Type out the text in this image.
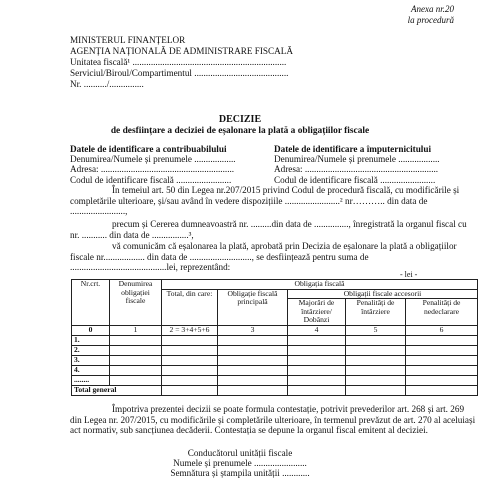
Anexa nr.20
la procedură
MINISTERUL FINANȚELOR
AGENȚIA NAȚIONALĂ DE ADMINISTRARE FISCALĂ
Unitatea fiscală¹ ...................................................................
Serviciul/Biroul/Compartimentul .........................................
Nr. ........../...............
DECIZIE
de desființare a deciziei de eșalonare la plată a obligațiilor fiscale
Datele de identificare a contribuabilului
Denumirea/Numele și prenumele ..................
Adresa: ..........................................................
Codul de identificare fiscală ........................
Datele de identificare a împuternicitului
Denumirea/Numele și prenumele ..................
Adresa: ..........................................................
Codul de identificare fiscală ........................
În temeiul art. 50 din Legea nr.207/2015 privind Codul de procedură fiscală, cu modificările și completările ulterioare, și/sau având în vedere dispozițiile ........................² nr……….. din data de ........................,
precum și Cererea dumneavoastră nr. .........din data de ..............., înregistrată la organul fiscal cu nr. ........... din data de ................³,
vă comunicăm că eșalonarea la plată, aprobată prin Decizia de eșalonare la plată a obligațiilor fiscale nr.................. din data de ..........................., se desființează pentru suma de ..........................................lei, reprezentând:
- lei -
Nr.crt.	Denumirea obligației fiscale	Obligația fiscală				
		Total, din care:	Obligație fiscală principală	Obligații fiscale accesorii		
				Majorări de întârziere/ Dobânzi	Penalități de întârziere	Penalități de nedeclarare
0	1	2 = 3+4+5+6	3	4	5	6
1.						
2.						
3.						
4.						
........						
Total general						
Împotriva prezentei decizii se poate formula contestație, potrivit prevederilor art. 268 și art. 269 din Legea nr. 207/2015, cu modificările și completările ulterioare, în termenul prevăzut de art. 270 al aceluiași act normativ, sub sancțiunea decăderii. Contestația se depune la organul fiscal emitent al deciziei.
Conducătorul unității fiscale
Numele și prenumele .......................
Semnătura și ștampila unității ............
